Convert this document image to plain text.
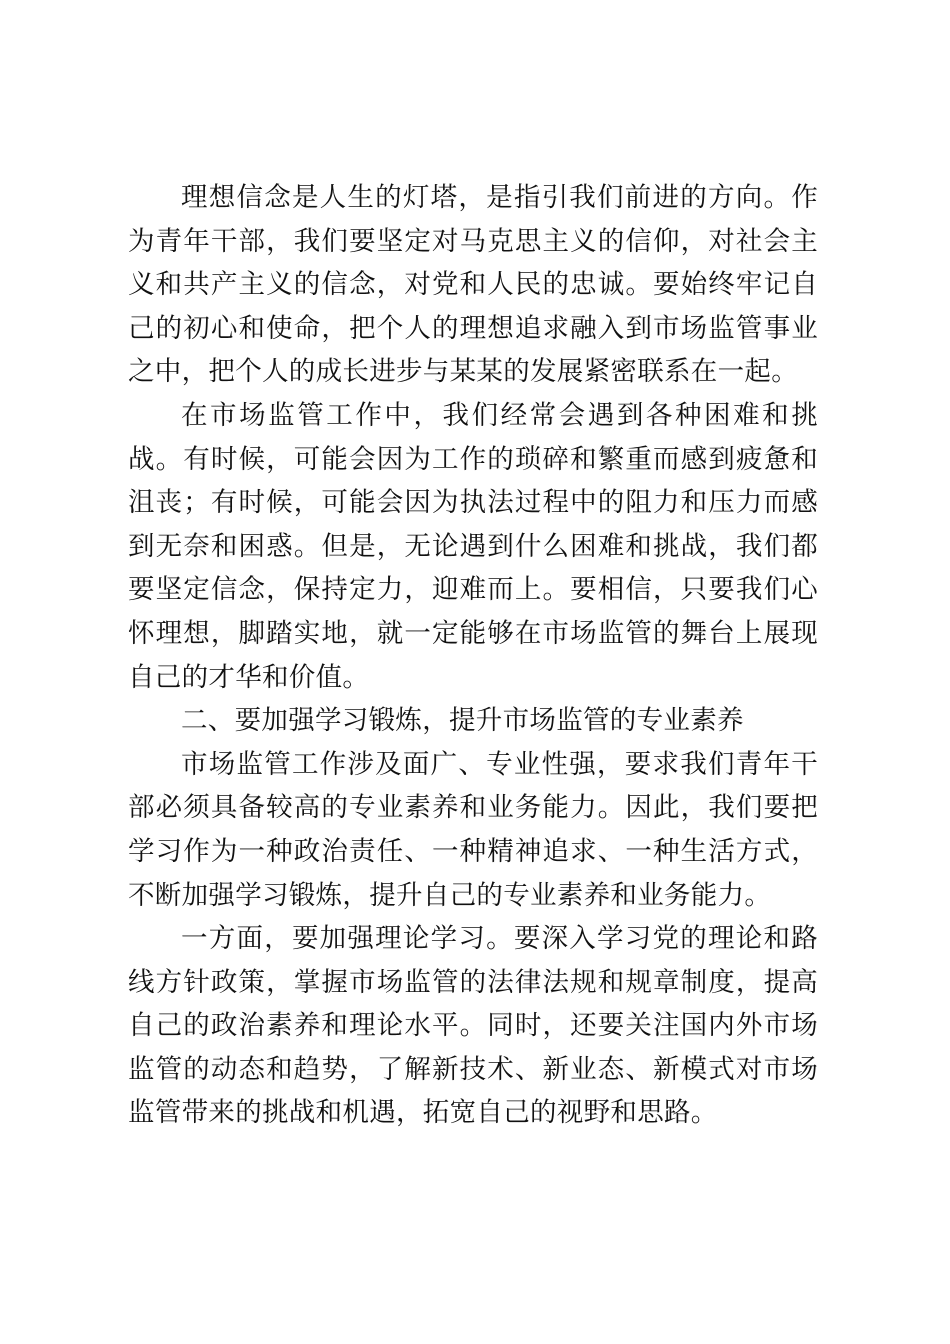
理想信念是人生的灯塔，是指引我们前进的方向。作为青年干部，我们要坚定对马克思主义的信仰，对社会主义和共产主义的信念，对党和人民的忠诚。要始终牢记自己的初心和使命，把个人的理想追求融入到市场监管事业之中，把个人的成长进步与某某的发展紧密联系在一起。

在市场监管工作中，我们经常会遇到各种困难和挑战。有时候，可能会因为工作的琐碎和繁重而感到疲惫和沮丧；有时候，可能会因为执法过程中的阻力和压力而感到无奈和困惑。但是，无论遇到什么困难和挑战，我们都要坚定信念，保持定力，迎难而上。要相信，只要我们心怀理想，脚踏实地，就一定能够在市场监管的舞台上展现自己的才华和价值。

二、要加强学习锻炼，提升市场监管的专业素养

市场监管工作涉及面广、专业性强，要求我们青年干部必须具备较高的专业素养和业务能力。因此，我们要把学习作为一种政治责任、一种精神追求、一种生活方式，不断加强学习锻炼，提升自己的专业素养和业务能力。

一方面，要加强理论学习。要深入学习党的理论和路线方针政策，掌握市场监管的法律法规和规章制度，提高自己的政治素养和理论水平。同时，还要关注国内外市场监管的动态和趋势，了解新技术、新业态、新模式对市场监管带来的挑战和机遇，拓宽自己的视野和思路。
